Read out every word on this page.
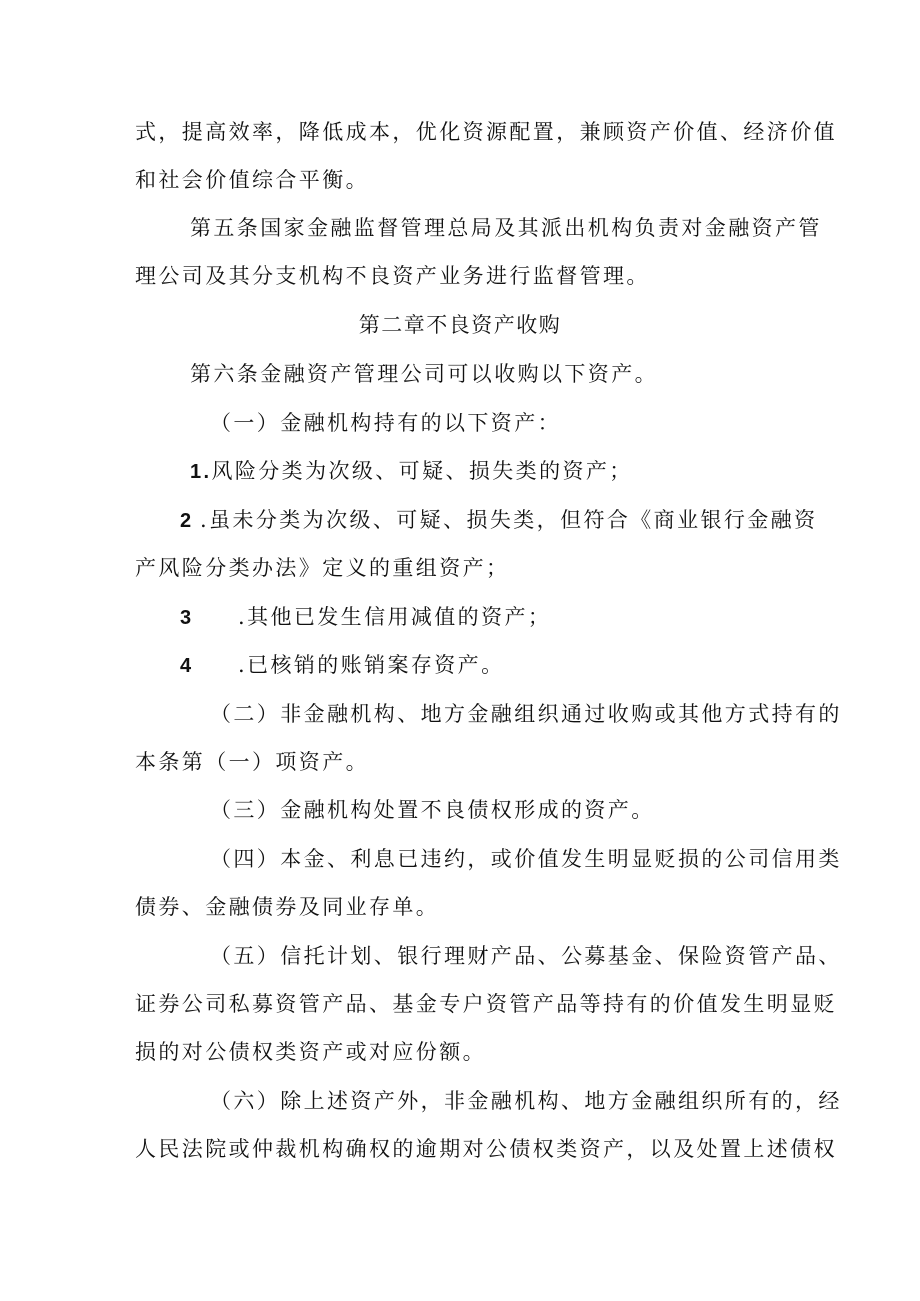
式，提高效率，降低成本，优化资源配置，兼顾资产价值、经济价值
和社会价值综合平衡。
第五条国家金融监督管理总局及其派出机构负责对金融资产管
理公司及其分支机构不良资产业务进行监督管理。
第二章不良资产收购
第六条金融资产管理公司可以收购以下资产。
（一）金融机构持有的以下资产：
1.风险分类为次级、可疑、损失类的资产；
2 .虽未分类为次级、可疑、损失类，但符合《商业银行金融资
产风险分类办法》定义的重组资产；
3 .其他已发生信用减值的资产；
4 .已核销的账销案存资产。
（二）非金融机构、地方金融组织通过收购或其他方式持有的
本条第（一）项资产。
（三）金融机构处置不良债权形成的资产。
（四）本金、利息已违约，或价值发生明显贬损的公司信用类
债券、金融债券及同业存单。
（五）信托计划、银行理财产品、公募基金、保险资管产品、
证券公司私募资管产品、基金专户资管产品等持有的价值发生明显贬
损的对公债权类资产或对应份额。
（六）除上述资产外，非金融机构、地方金融组织所有的，经
人民法院或仲裁机构确权的逾期对公债权类资产，以及处置上述债权
